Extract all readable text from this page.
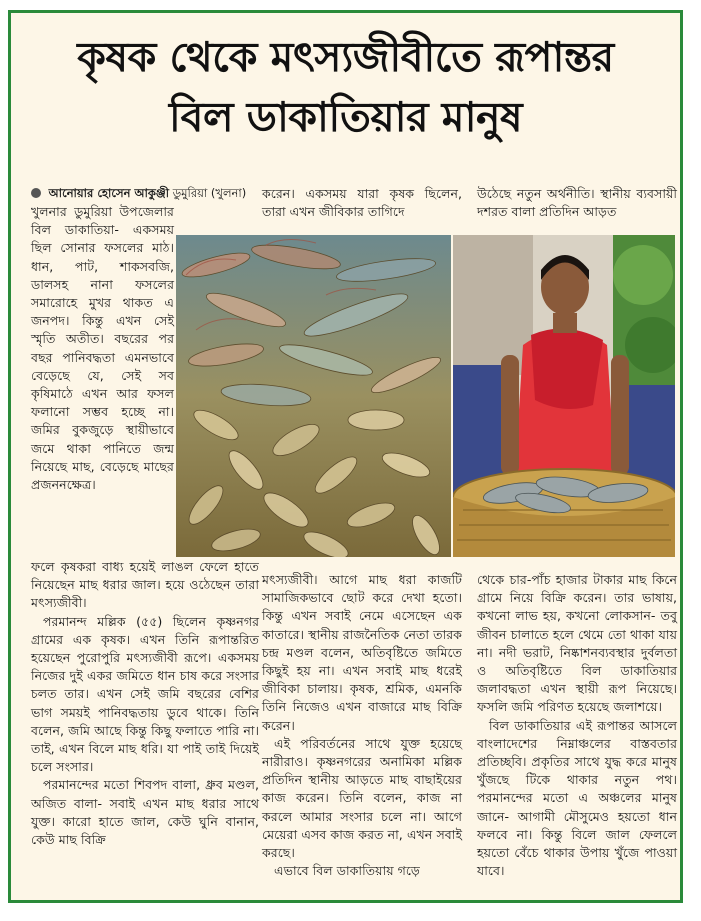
কৃষক থেকে মৎস্যজীবীতে রূপান্তর
বিল ডাকাতিয়ার মানুষ
আনোয়ার হোসেন আকুঞ্জী ডুমুরিয়া (খুলনা)

খুলনার ডুমুরিয়া উপজেলার বিল ডাকাতিয়া- একসময় ছিল সোনার ফসলের মাঠ। ধান, পাট, শাকসবজি, ডালসহ নানা ফসলের সমারোহে মুখর থাকত এ জনপদ। কিন্তু এখন সেই স্মৃতি অতীত। বছরের পর বছর পানিবদ্ধতা এমনভাবে বেড়েছে যে, সেই সব কৃষিমাঠে এখন আর ফসল ফলানো সম্ভব হচ্ছে না। জমির বুকজুড়ে স্থায়ীভাবে জমে থাকা পানিতে জন্ম নিয়েছে মাছ, বেড়েছে মাছের প্রজননক্ষেত্র।

ফলে কৃষকরা বাধ্য হয়েই লাঙল ফেলে হাতে নিয়েছেন মাছ ধরার জাল। হয়ে ওঠেছেন তারা মৎস্যজীবী।

পরমানন্দ মল্লিক (৫৫) ছিলেন কৃষ্ণনগর গ্রামের এক কৃষক। এখন তিনি রূপান্তরিত হয়েছেন পুরোপুরি মৎস্যজীবী রূপে। একসময় নিজের দুই একর জমিতে ধান চাষ করে সংসার চলত তার। এখন সেই জমি বছরের বেশির ভাগ সময়ই পানিবদ্ধতায় ডুবে থাকে। তিনি বলেন, জমি আছে কিন্তু কিছু ফলাতে পারি না। তাই, এখন বিলে মাছ ধরি। যা পাই তাই দিয়েই চলে সংসার।

পরমানন্দের মতো শিবপদ বালা, ধ্রুব মণ্ডল, অজিত বালা- সবাই এখন মাছ ধরার সাথে যুক্ত। কারো হাতে জাল, কেউ ঘুনি বানান, কেউ মাছ বিক্রি

করেন। একসময় যারা কৃষক ছিলেন, তারা এখন জীবিকার তাগিদে

উঠেছে নতুন অর্থনীতি। স্থানীয় ব্যবসায়ী দশরত বালা প্রতিদিন আড়ত

মৎস্যজীবী। আগে মাছ ধরা কাজটি সামাজিকভাবে ছোট করে দেখা হতো। কিন্তু এখন সবাই নেমে এসেছেন এক কাতারে। স্থানীয় রাজনৈতিক নেতা তারক চন্দ্র মণ্ডল বলেন, অতিবৃষ্টিতে জমিতে কিছুই হয় না। এখন সবাই মাছ ধরেই জীবিকা চালায়। কৃষক, শ্রমিক, এমনকি তিনি নিজেও এখন বাজারে মাছ বিক্রি করেন।

এই পরিবর্তনের সাথে যুক্ত হয়েছে নারীরাও। কৃষ্ণনগরের অনামিকা মল্লিক প্রতিদিন স্থানীয় আড়তে মাছ বাছাইয়ের কাজ করেন। তিনি বলেন, কাজ না করলে আমার সংসার চলে না। আগে মেয়েরা এসব কাজ করত না, এখন সবাই করছে।

এভাবে বিল ডাকাতিয়ায় গড়ে

থেকে চার-পাঁচ হাজার টাকার মাছ কিনে গ্রামে নিয়ে বিক্রি করেন। তার ভাষায়, কখনো লাভ হয়, কখনো লোকসান- তবু জীবন চালাতে হলে থেমে তো থাকা যায় না। নদী ভরাট, নিষ্কাশনব্যবস্থার দুর্বলতা ও অতিবৃষ্টিতে বিল ডাকাতিয়ার জলাবদ্ধতা এখন স্থায়ী রূপ নিয়েছে। ফসলি জমি পরিণত হয়েছে জলাশয়ে।

বিল ডাকাতিয়ার এই রূপান্তর আসলে বাংলাদেশের নিম্নাঞ্চলের বাস্তবতার প্রতিচ্ছবি। প্রকৃতির সাথে যুদ্ধ করে মানুষ খুঁজছে টিকে থাকার নতুন পথ। পরমানন্দের মতো এ অঞ্চলের মানুষ জানে- আগামী মৌসুমেও হয়তো ধান ফলবে না। কিন্তু বিলে জাল ফেললে হয়তো বেঁচে থাকার উপায় খুঁজে পাওয়া যাবে।
